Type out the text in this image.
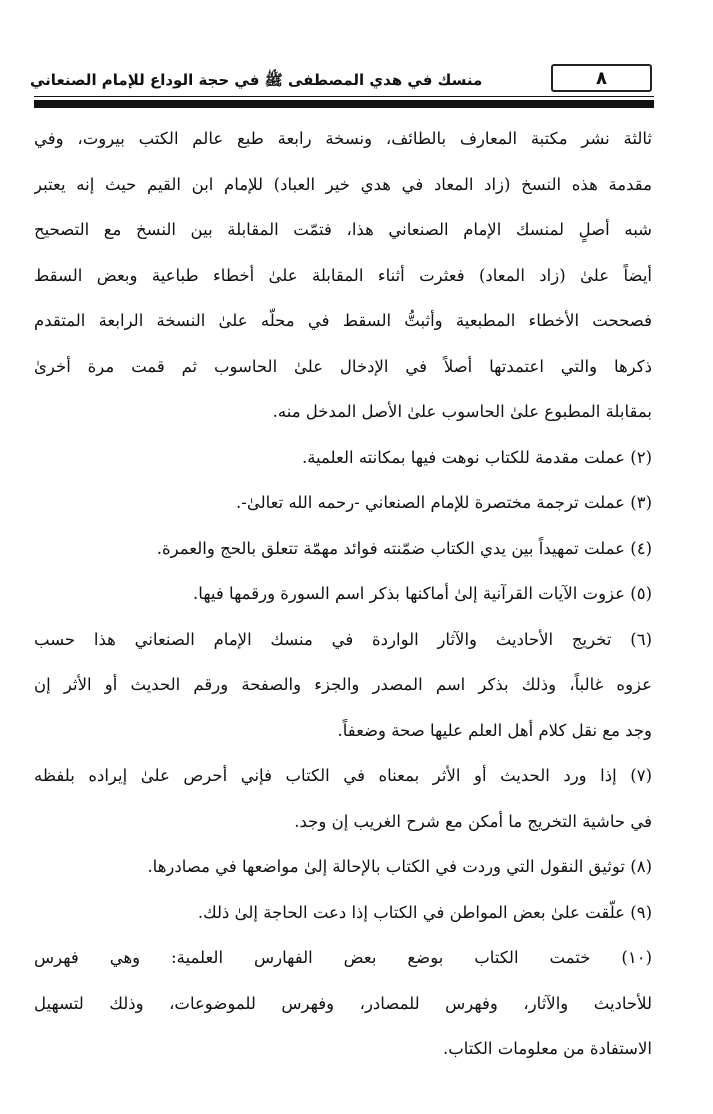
٨
منسك في هدي المصطفى ﷺ في حجة الوداع للإمام الصنعاني
ثالثة نشر مكتبة المعارف بالطائف، ونسخة رابعة طبع عالم الكتب بيروت، وفي
مقدمة هذه النسخ (زاد المعاد في هدي خير العباد) للإمام ابن القيم حيث إنه يعتبر
شبه أصلٍ لمنسك الإمام الصنعاني هذا، فتمّت المقابلة بين النسخ مع التصحيح
أيضاً علىٰ (زاد المعاد) فعثرت أثناء المقابلة علىٰ أخطاء طباعية وبعض السقط
فصححت الأخطاء المطبعية وأثبتُّ السقط في محلّه علىٰ النسخة الرابعة المتقدم
ذكرها والتي اعتمدتها أصلاً في الإدخال علىٰ الحاسوب ثم قمت مرة أخرىٰ
بمقابلة المطبوع علىٰ الحاسوب علىٰ الأصل المدخل منه.
(٢) عملت مقدمة للكتاب نوهت فيها بمكانته العلمية.
(٣) عملت ترجمة مختصرة للإمام الصنعاني -رحمه الله تعالىٰ-.
(٤) عملت تمهيداً بين يدي الكتاب ضمّنته فوائد مهمّة تتعلق بالحج والعمرة.
(٥) عزوت الآيات القرآنية إلىٰ أماكنها بذكر اسم السورة ورقمها فيها.
(٦) تخريج الأحاديث والآثار الواردة في منسك الإمام الصنعاني هذا حسب
عزوه غالباً، وذلك بذكر اسم المصدر والجزء والصفحة ورقم الحديث أو الأثر إن
وجد مع نقل كلام أهل العلم عليها صحة وضعفاً.
(٧) إذا ورد الحديث أو الأثر بمعناه في الكتاب فإني أحرص علىٰ إيراده بلفظه
في حاشية التخريج ما أمكن مع شرح الغريب إن وجد.
(٨) توثيق النقول التي وردت في الكتاب بالإحالة إلىٰ مواضعها في مصادرها.
(٩) علّقت علىٰ بعض المواطن في الكتاب إذا دعت الحاجة إلىٰ ذلك.
(١٠) ختمت الكتاب بوضع بعض الفهارس العلمية: وهي فهرس
للأحاديث والآثار، وفهرس للمصادر، وفهرس للموضوعات، وذلك لتسهيل
الاستفادة من معلومات الكتاب.
